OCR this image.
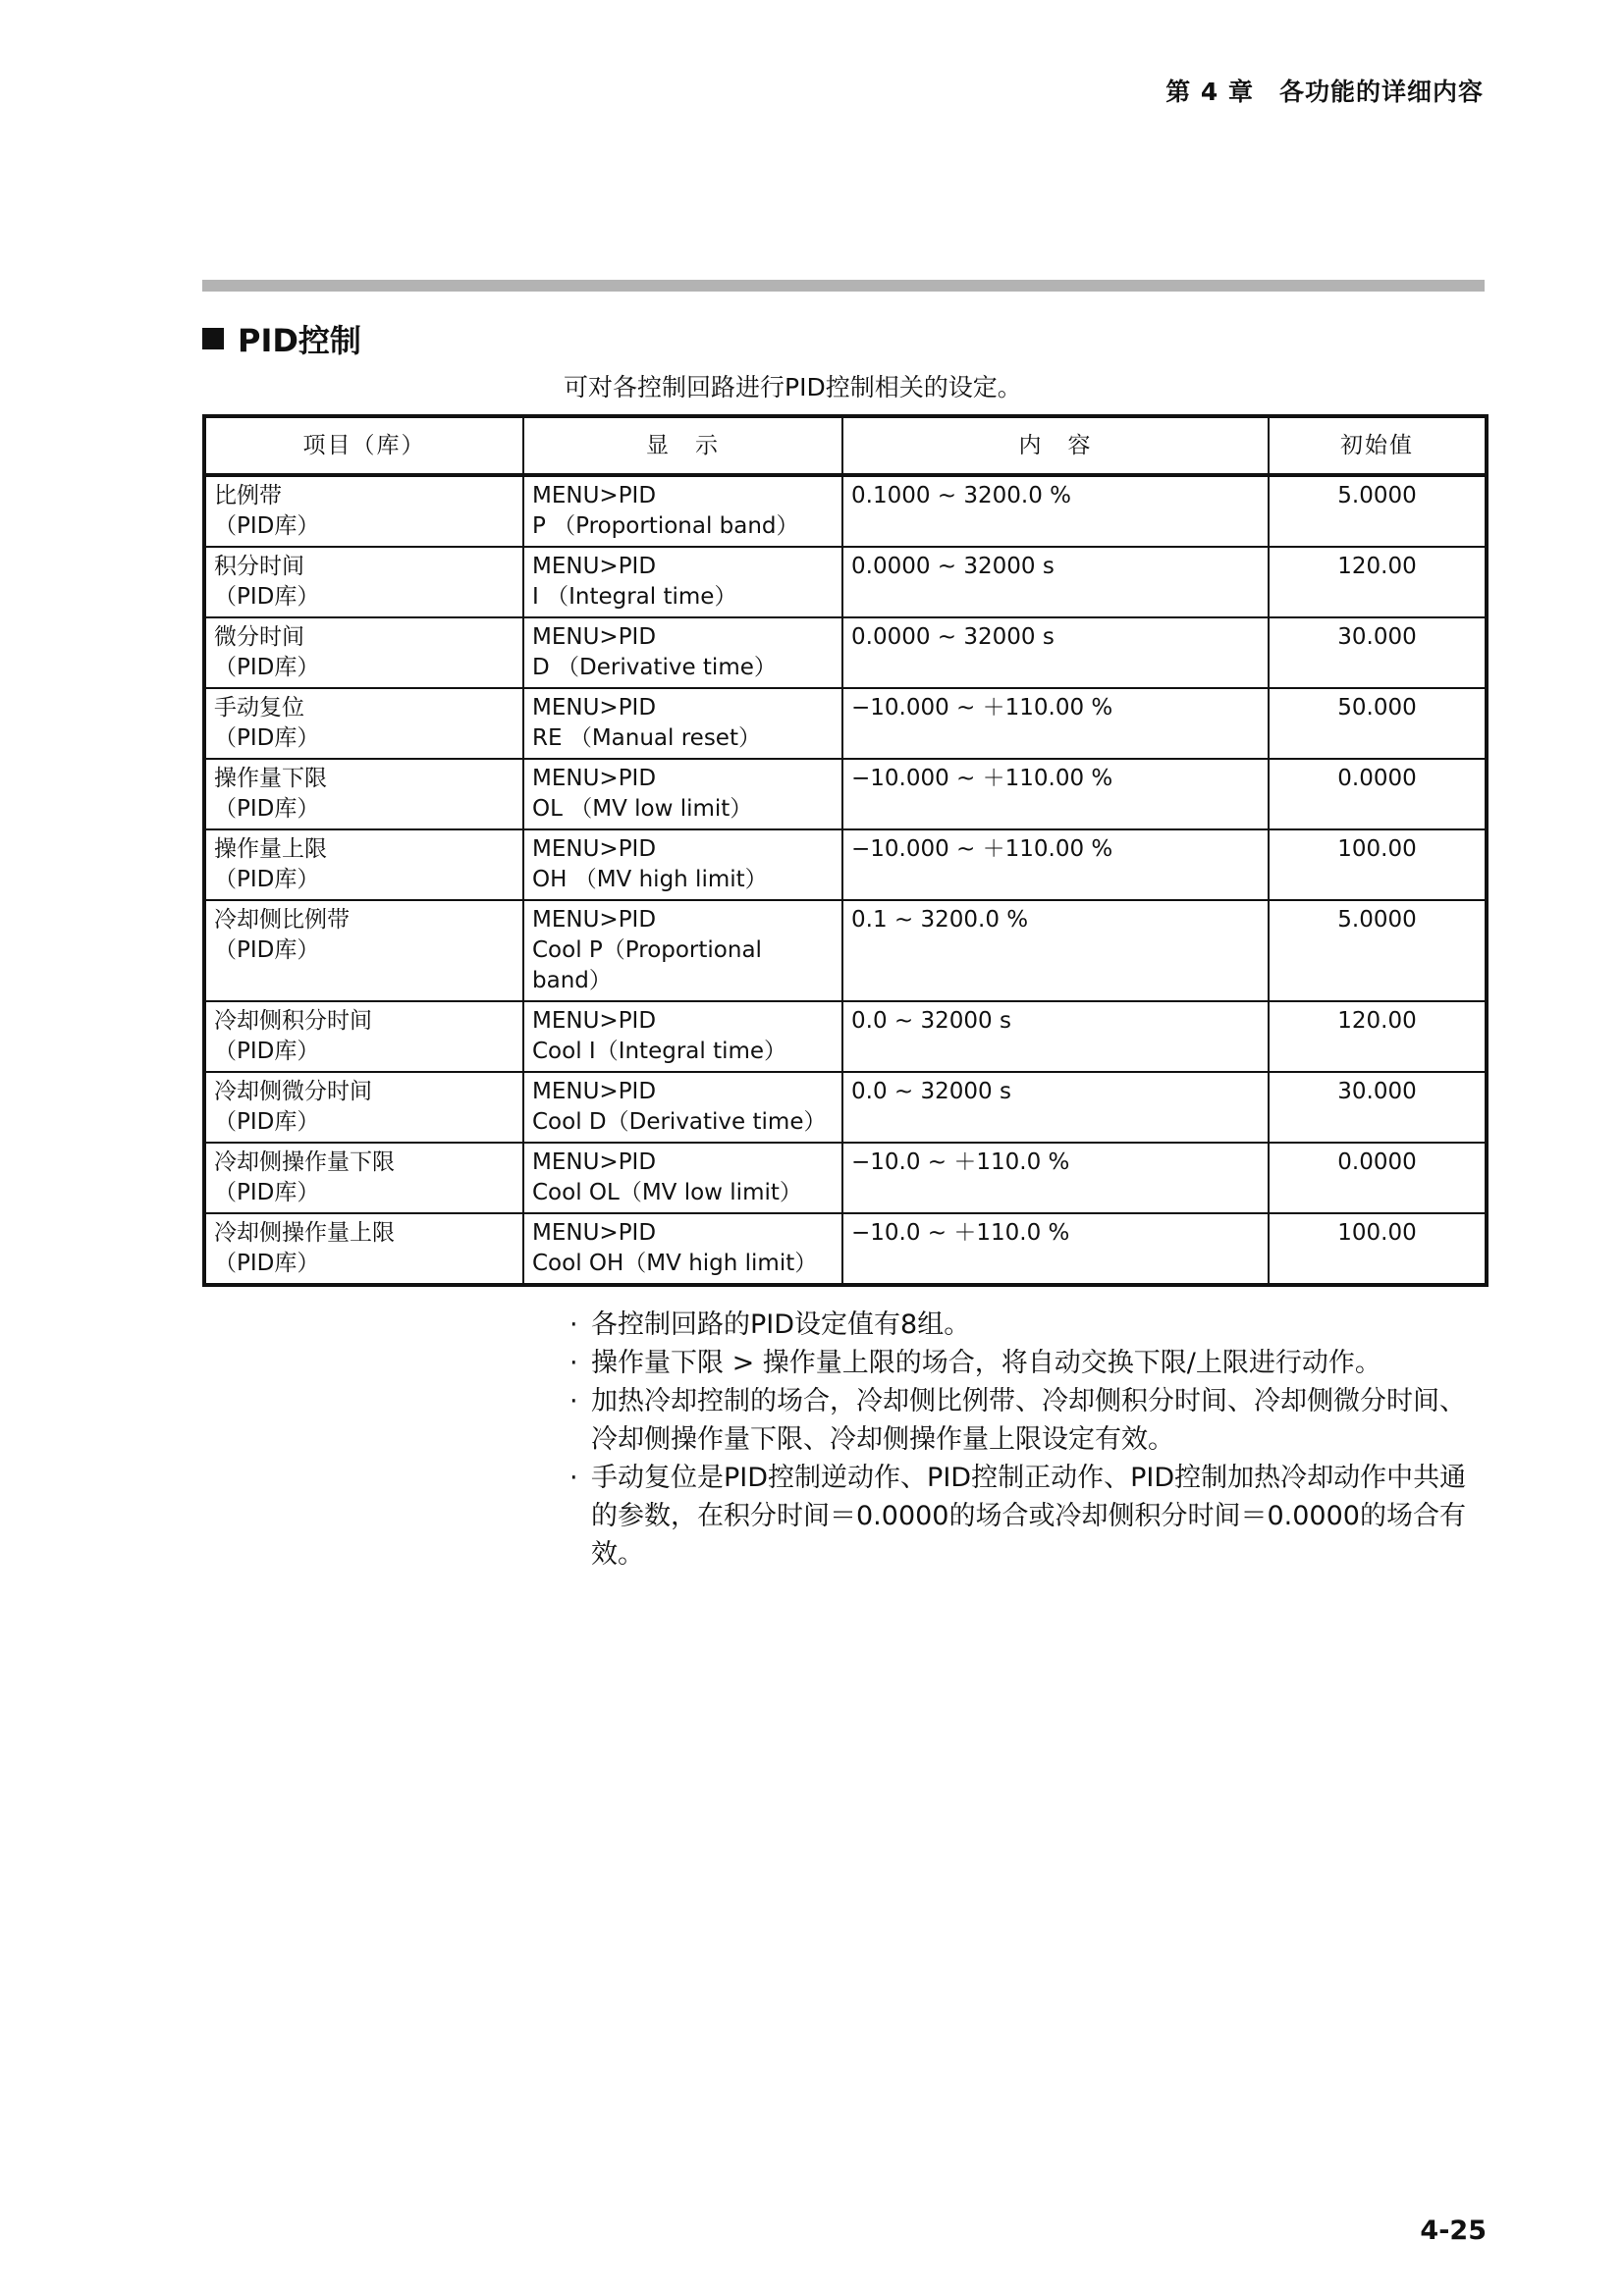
第 4 章　各功能的详细内容
PID控制
可对各控制回路进行PID控制相关的设定。
项目（库）	显　示	内　容	初始值

比例带
（PID库）	MENU>PID
P （Proportional band）	0.1000 ~ 3200.0 %	5.0000

积分时间
（PID库）	MENU>PID
I （Integral time）	0.0000 ~ 32000 s	120.00

微分时间
（PID库）	MENU>PID
D （Derivative time）	0.0000 ~ 32000 s	30.000

手动复位
（PID库）	MENU>PID
RE （Manual reset）	−10.000 ~ ＋110.00 %	50.000

操作量下限
（PID库）	MENU>PID
OL （MV low limit）	−10.000 ~ ＋110.00 %	0.0000

操作量上限
（PID库）	MENU>PID
OH （MV high limit）	−10.000 ~ ＋110.00 %	100.00

冷却侧比例带
（PID库）	MENU>PID
Cool P（Proportional band）	0.1 ~ 3200.0 %	5.0000

冷却侧积分时间
（PID库）	MENU>PID
Cool I（Integral time）	0.0 ~ 32000 s	120.00

冷却侧微分时间
（PID库）	MENU>PID
Cool D（Derivative time）	0.0 ~ 32000 s	30.000

冷却侧操作量下限
（PID库）	MENU>PID
Cool OL（MV low limit）	−10.0 ~ ＋110.0 %	0.0000

冷却侧操作量上限
（PID库）	MENU>PID
Cool OH（MV high limit）	−10.0 ~ ＋110.0 %	100.00
· 各控制回路的PID设定值有8组。
· 操作量下限 > 操作量上限的场合，将自动交换下限/上限进行动作。
· 加热冷却控制的场合，冷却侧比例带、冷却侧积分时间、冷却侧微分时间、冷却侧操作量下限、冷却侧操作量上限设定有效。
· 手动复位是PID控制逆动作、PID控制正动作、PID控制加热冷却动作中共通的参数，在积分时间＝0.0000的场合或冷却侧积分时间＝0.0000的场合有效。
4-25
